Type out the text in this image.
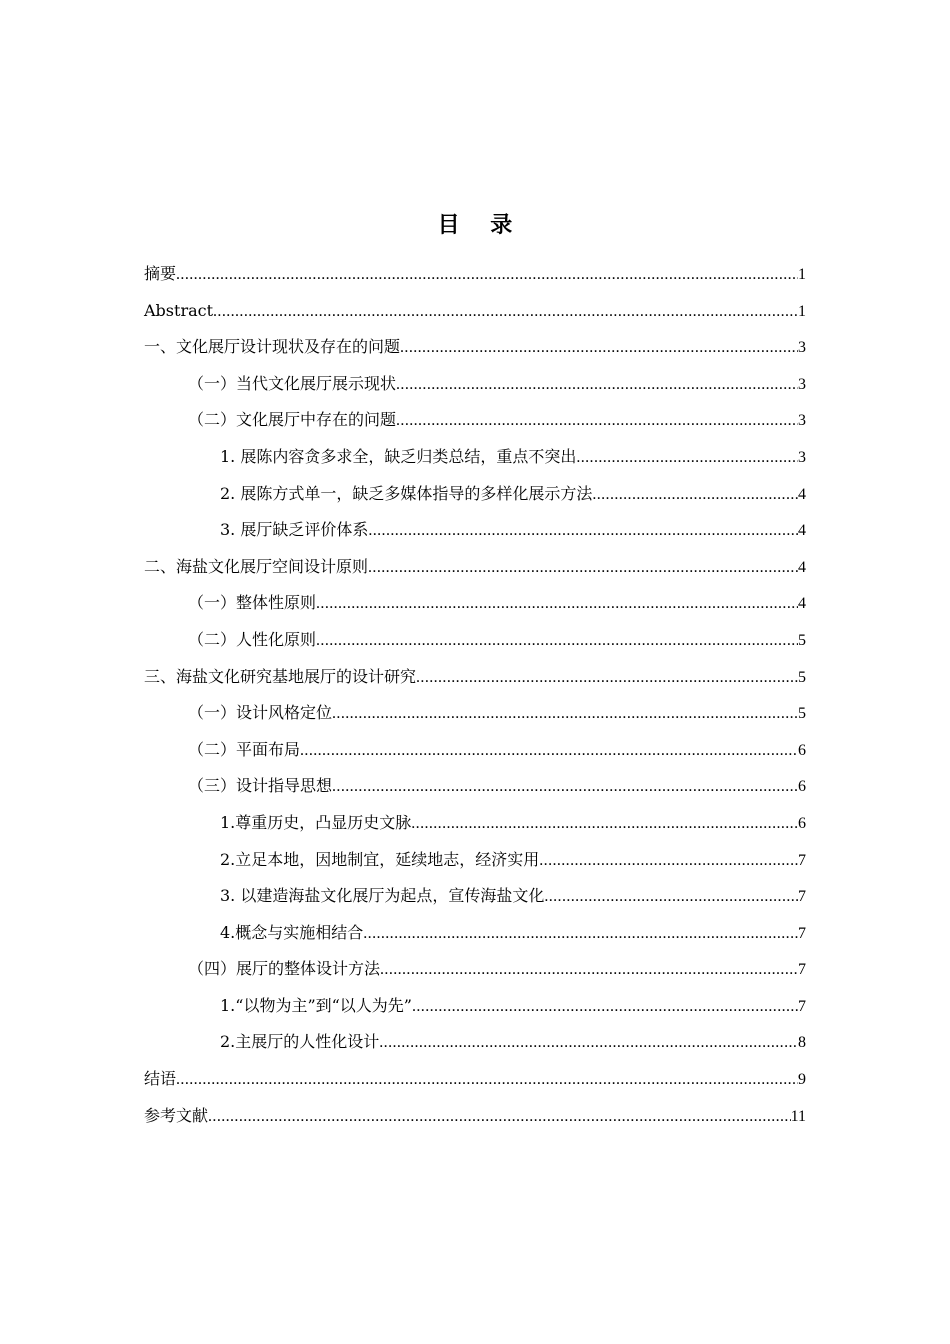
目    录
摘要 .....	1
Abstract .....	1
一、文化展厅设计现状及存在的问题 .....	3
（一）当代文化展厅展示现状 .....	3
（二）文化展厅中存在的问题 .....	3
1. 展陈内容贪多求全，缺乏归类总结，重点不突出 .....	3
2. 展陈方式单一，缺乏多媒体指导的多样化展示方法 .....	4
3. 展厅缺乏评价体系 .....	4
二、海盐文化展厅空间设计原则 .....	4
（一）整体性原则 .....	4
（二）人性化原则 .....	5
三、海盐文化研究基地展厅的设计研究 .....	5
（一）设计风格定位 .....	5
（二）平面布局 .....	6
（三）设计指导思想 .....	6
1.尊重历史，凸显历史文脉 .....	6
2.立足本地，因地制宜，延续地志，经济实用 .....	7
3. 以建造海盐文化展厅为起点，宣传海盐文化 .....	7
4.概念与实施相结合 .....	7
（四）展厅的整体设计方法 .....	7
1.“以物为主”到“以人为先” .....	7
2.主展厅的人性化设计 .....	8
结语 .....	9
参考文献 .....	11
